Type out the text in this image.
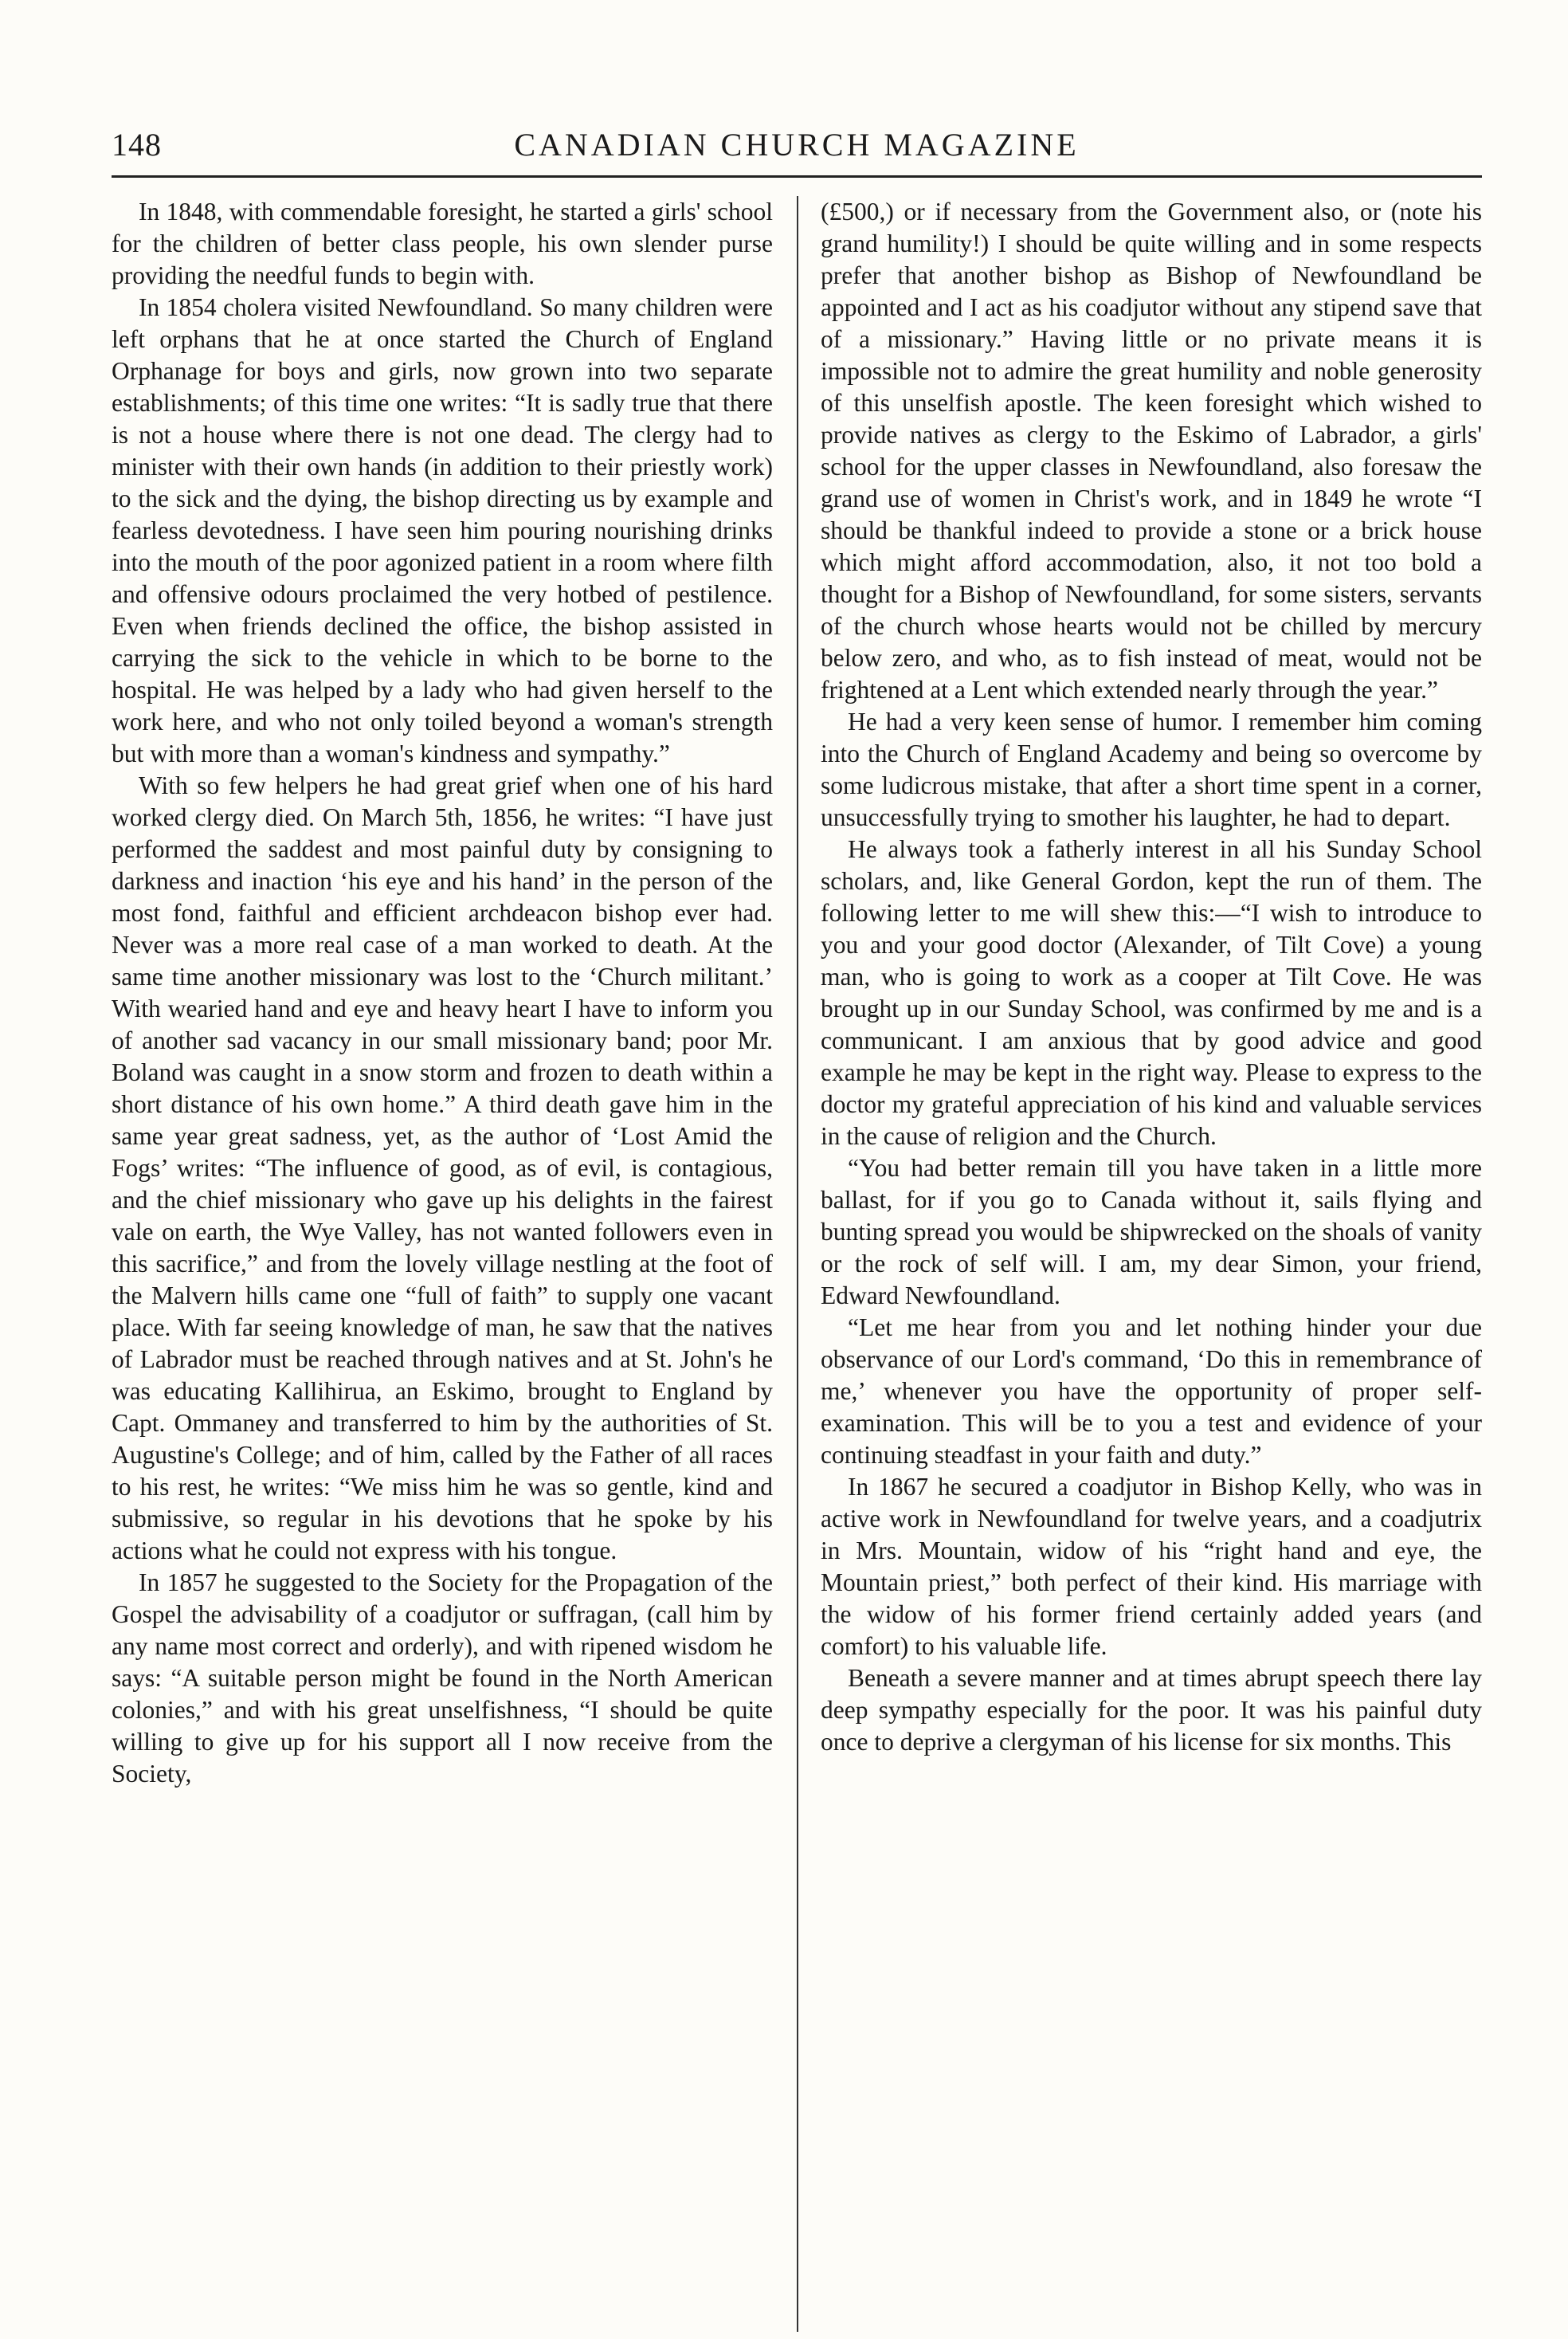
148	CANADIAN CHURCH MAGAZINE

In 1848, with commendable foresight, he started a girls' school for the children of better class people, his own slender purse providing the needful funds to begin with.

In 1854 cholera visited Newfoundland. So many children were left orphans that he at once started the Church of England Orphanage for boys and girls, now grown into two separate establishments; of this time one writes: “It is sadly true that there is not a house where there is not one dead. The clergy had to minister with their own hands (in addition to their priestly work) to the sick and the dying, the bishop directing us by example and fearless devotedness. I have seen him pouring nourishing drinks into the mouth of the poor agonized patient in a room where filth and offensive odours proclaimed the very hotbed of pestilence. Even when friends declined the office, the bishop assisted in carrying the sick to the vehicle in which to be borne to the hospital. He was helped by a lady who had given herself to the work here, and who not only toiled beyond a woman's strength but with more than a woman's kindness and sympathy.”

With so few helpers he had great grief when one of his hard worked clergy died. On March 5th, 1856, he writes: “I have just performed the saddest and most painful duty by consigning to darkness and inaction ‘his eye and his hand’ in the person of the most fond, faithful and efficient archdeacon bishop ever had. Never was a more real case of a man worked to death. At the same time another missionary was lost to the ‘Church militant.’ With wearied hand and eye and heavy heart I have to inform you of another sad vacancy in our small missionary band; poor Mr. Boland was caught in a snow storm and frozen to death within a short distance of his own home.” A third death gave him in the same year great sadness, yet, as the author of ‘Lost Amid the Fogs’ writes: “The influence of good, as of evil, is contagious, and the chief missionary who gave up his delights in the fairest vale on earth, the Wye Valley, has not wanted followers even in this sacrifice,” and from the lovely village nestling at the foot of the Malvern hills came one “full of faith” to supply one vacant place. With far seeing knowledge of man, he saw that the natives of Labrador must be reached through natives and at St. John's he was educating Kallihirua, an Eskimo, brought to England by Capt. Ommaney and transferred to him by the authorities of St. Augustine's College; and of him, called by the Father of all races to his rest, he writes: “We miss him he was so gentle, kind and submissive, so regular in his devotions that he spoke by his actions what he could not express with his tongue.

In 1857 he suggested to the Society for the Propagation of the Gospel the advisability of a coadjutor or suffragan, (call him by any name most correct and orderly), and with ripened wisdom he says: “A suitable person might be found in the North American colonies,” and with his great unselfishness, “I should be quite willing to give up for his support all I now receive from the Society,

(£500,) or if necessary from the Government also, or (note his grand humility!) I should be quite willing and in some respects prefer that another bishop as Bishop of Newfoundland be appointed and I act as his coadjutor without any stipend save that of a missionary.” Having little or no private means it is impossible not to admire the great humility and noble generosity of this unselfish apostle. The keen foresight which wished to provide natives as clergy to the Eskimo of Labrador, a girls' school for the upper classes in Newfoundland, also foresaw the grand use of women in Christ's work, and in 1849 he wrote “I should be thankful indeed to provide a stone or a brick house which might afford accommodation, also, it not too bold a thought for a Bishop of Newfoundland, for some sisters, servants of the church whose hearts would not be chilled by mercury below zero, and who, as to fish instead of meat, would not be frightened at a Lent which extended nearly through the year.”

He had a very keen sense of humor. I remember him coming into the Church of England Academy and being so overcome by some ludicrous mistake, that after a short time spent in a corner, unsuccessfully trying to smother his laughter, he had to depart.

He always took a fatherly interest in all his Sunday School scholars, and, like General Gordon, kept the run of them. The following letter to me will shew this:—“I wish to introduce to you and your good doctor (Alexander, of Tilt Cove) a young man, who is going to work as a cooper at Tilt Cove. He was brought up in our Sunday School, was confirmed by me and is a communicant. I am anxious that by good advice and good example he may be kept in the right way. Please to express to the doctor my grateful appreciation of his kind and valuable services in the cause of religion and the Church.

“You had better remain till you have taken in a little more ballast, for if you go to Canada without it, sails flying and bunting spread you would be shipwrecked on the shoals of vanity or the rock of self will. I am, my dear Simon, your friend, Edward Newfoundland.

“Let me hear from you and let nothing hinder your due observance of our Lord's command, ‘Do this in remembrance of me,’ whenever you have the opportunity of proper self-examination. This will be to you a test and evidence of your continuing steadfast in your faith and duty.”

In 1867 he secured a coadjutor in Bishop Kelly, who was in active work in Newfoundland for twelve years, and a coadjutrix in Mrs. Mountain, widow of his “right hand and eye, the Mountain priest,” both perfect of their kind. His marriage with the widow of his former friend certainly added years (and comfort) to his valuable life.

Beneath a severe manner and at times abrupt speech there lay deep sympathy especially for the poor. It was his painful duty once to deprive a clergyman of his license for six months. This
